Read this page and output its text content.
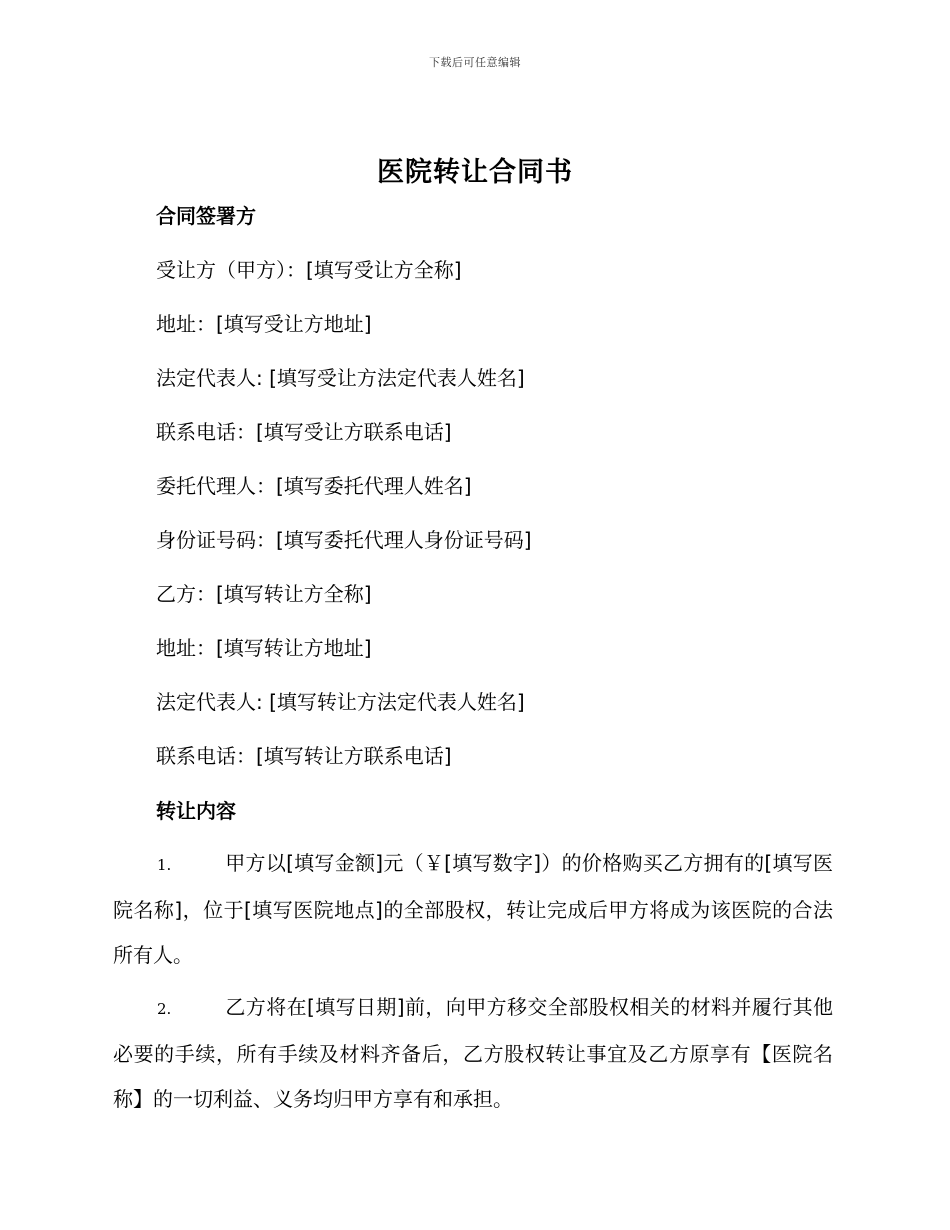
下载后可任意编辑
医院转让合同书
合同签署方
受让方（甲方）：[填写受让方全称]
地址：[填写受让方地址]
法定代表人: [填写受让方法定代表人姓名]
联系电话：[填写受让方联系电话]
委托代理人：[填写委托代理人姓名]
身份证号码：[填写委托代理人身份证号码]
乙方：[填写转让方全称]
地址：[填写转让方地址]
法定代表人: [填写转让方法定代表人姓名]
联系电话：[填写转让方联系电话]
转让内容
1.	甲方以[填写金额]元（￥[填写数字]）的价格购买乙方拥有的[填写医院名称]，位于[填写医院地点]的全部股权，转让完成后甲方将成为该医院的合法所有人。
2.	乙方将在[填写日期]前，向甲方移交全部股权相关的材料并履行其他必要的手续，所有手续及材料齐备后，乙方股权转让事宜及乙方原享有【医院名称】的一切利益、义务均归甲方享有和承担。
